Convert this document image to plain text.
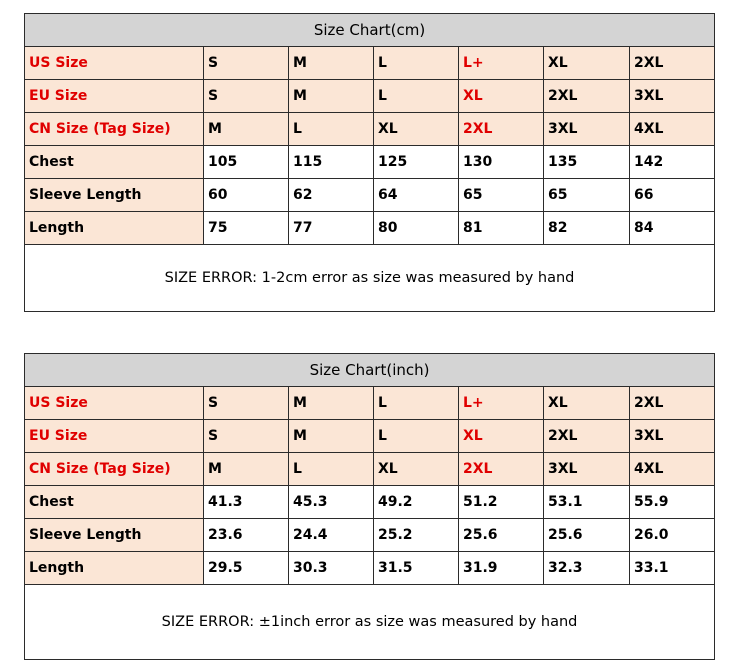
Size Chart(cm)						
US Size	S	M	L	L+	XL	2XL
EU Size	S	M	L	XL	2XL	3XL
CN Size (Tag Size)	M	L	XL	2XL	3XL	4XL
Chest	105	115	125	130	135	142
Sleeve Length	60	62	64	65	65	66
Length	75	77	80	81	82	84
SIZE ERROR: 1-2cm error as size was measured by hand						
Size Chart(inch)						
US Size	S	M	L	L+	XL	2XL
EU Size	S	M	L	XL	2XL	3XL
CN Size (Tag Size)	M	L	XL	2XL	3XL	4XL
Chest	41.3	45.3	49.2	51.2	53.1	55.9
Sleeve Length	23.6	24.4	25.2	25.6	25.6	26.0
Length	29.5	30.3	31.5	31.9	32.3	33.1
SIZE ERROR: ±1inch error as size was measured by hand						
